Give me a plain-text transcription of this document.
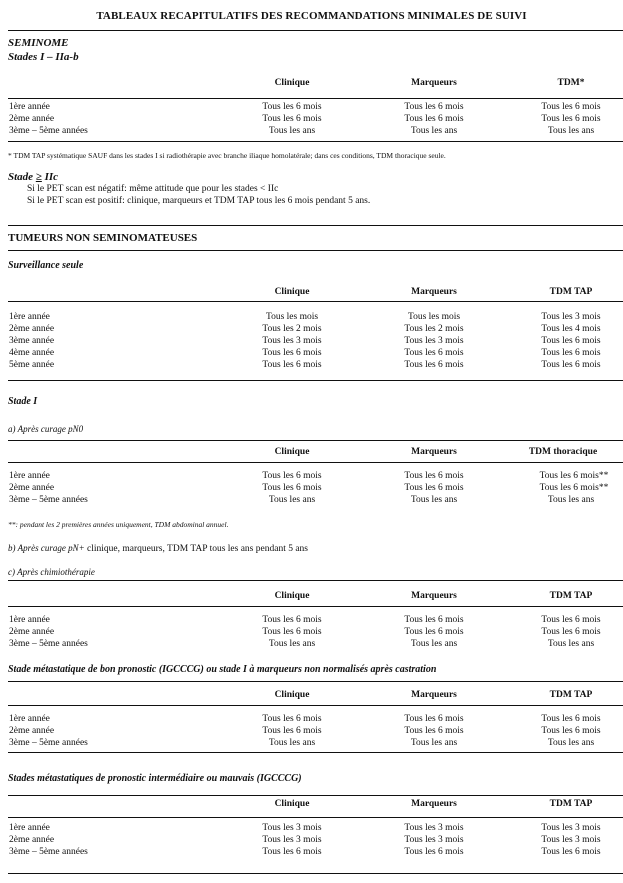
TABLEAUX RECAPITULATIFS DES RECOMMANDATIONS MINIMALES DE SUIVI
SEMINOME
Stades I – IIa-b
Clinique	Marqueurs	TDM*
1ère année	Tous les 6 mois	Tous les 6 mois	Tous les 6 mois
2ème année	Tous les 6 mois	Tous les 6 mois	Tous les 6 mois
3ème – 5ème années	Tous les ans	Tous les ans	Tous les ans
* TDM TAP systématique SAUF dans les stades I si radiothérapie avec branche iliaque homolatérale; dans ces conditions, TDM thoracique seule.
Stade ≥ IIc
Si le PET scan est négatif: même attitude que pour les stades < IIc
Si le PET scan est positif: clinique, marqueurs et TDM TAP tous les 6 mois pendant 5 ans.
TUMEURS NON SEMINOMATEUSES
Surveillance seule
Clinique	Marqueurs	TDM TAP
1ère année	Tous les mois	Tous les mois	Tous les 3 mois
2ème année	Tous les 2 mois	Tous les 2 mois	Tous les 4 mois
3ème année	Tous les 3 mois	Tous les 3 mois	Tous les 6 mois
4ème année	Tous les 6 mois	Tous les 6 mois	Tous les 6 mois
5ème année	Tous les 6 mois	Tous les 6 mois	Tous les 6 mois
Stade I
a) Après curage pN0
Clinique	Marqueurs	TDM thoracique
1ère année	Tous les 6 mois	Tous les 6 mois	Tous les 6 mois**
2ème année	Tous les 6 mois	Tous les 6 mois	Tous les 6 mois**
3ème – 5ème années	Tous les ans	Tous les ans	Tous les ans
**: pendant les 2 premières années uniquement, TDM abdominal annuel.
b) Après curage pN+ clinique, marqueurs, TDM TAP tous les ans pendant 5 ans
c) Après chimiothérapie
Clinique	Marqueurs	TDM TAP
1ère année	Tous les 6 mois	Tous les 6 mois	Tous les 6 mois
2ème année	Tous les 6 mois	Tous les 6 mois	Tous les 6 mois
3ème – 5ème années	Tous les ans	Tous les ans	Tous les ans
Stade métastatique de bon pronostic (IGCCCG) ou stade I à marqueurs non normalisés après castration
Clinique	Marqueurs	TDM TAP
1ère année	Tous les 6 mois	Tous les 6 mois	Tous les 6 mois
2ème année	Tous les 6 mois	Tous les 6 mois	Tous les 6 mois
3ème – 5ème années	Tous les ans	Tous les ans	Tous les ans
Stades métastatiques de pronostic intermédiaire ou mauvais (IGCCCG)
Clinique	Marqueurs	TDM TAP
1ère année	Tous les 3 mois	Tous les 3 mois	Tous les 3 mois
2ème année	Tous les 3 mois	Tous les 3 mois	Tous les 3 mois
3ème – 5ème années	Tous les 6 mois	Tous les 6 mois	Tous les 6 mois
